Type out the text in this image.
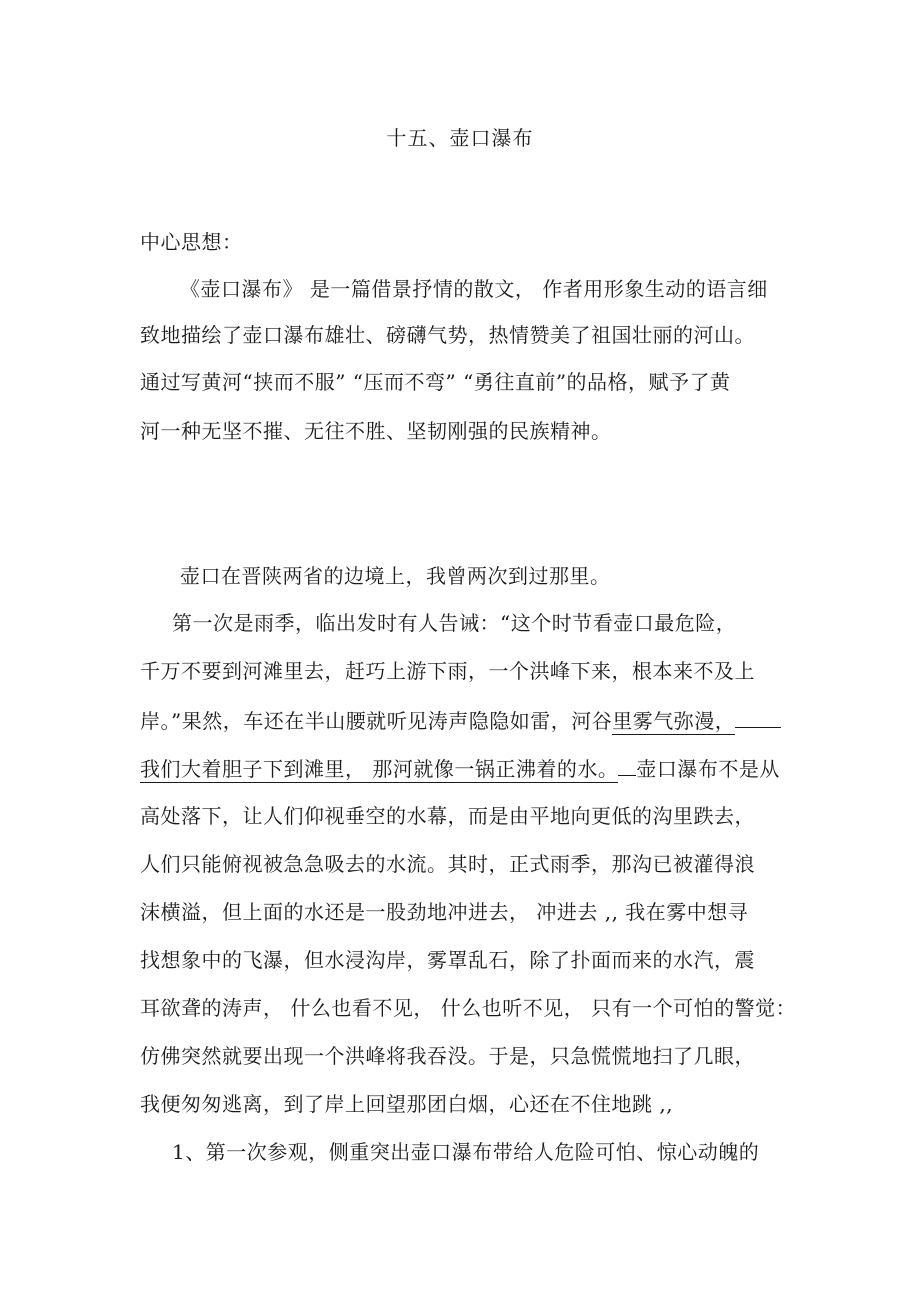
十五、壶口瀑布
中心思想：
《壶口瀑布》 是一篇借景抒情的散文， 作者用形象生动的语言细
致地描绘了壶口瀑布雄壮、磅礴气势，热情赞美了祖国壮丽的河山。
通过写黄河“挟而不服” “压而不弯” “勇往直前”的品格，赋予了黄
河一种无坚不摧、无往不胜、坚韧刚强的民族精神。
壶口在晋陕两省的边境上，我曾两次到过那里。
第一次是雨季，临出发时有人告诫：“这个时节看壶口最危险，
千万不要到河滩里去，赶巧上游下雨，一个洪峰下来，根本来不及上
岸。”果然，车还在半山腰就听见涛声隐隐如雷，河谷里雾气弥漫，
我们大着胆子下到滩里， 那河就像一锅正沸着的水。 壶口瀑布不是从
高处落下，让人们仰视垂空的水幕，而是由平地向更低的沟里跌去，
人们只能俯视被急急吸去的水流。其时，正式雨季，那沟已被灌得浪
沫横溢，但上面的水还是一股劲地冲进去， 冲进去 ,, 我在雾中想寻
找想象中的飞瀑，但水浸沟岸，雾罩乱石，除了扑面而来的水汽，震
耳欲聋的涛声， 什么也看不见， 什么也听不见， 只有一个可怕的警觉：
仿佛突然就要出现一个洪峰将我吞没。于是，只急慌慌地扫了几眼，
我便匆匆逃离，到了岸上回望那团白烟，心还在不住地跳 ,,
1、第一次参观，侧重突出壶口瀑布带给人危险可怕、惊心动魄的
